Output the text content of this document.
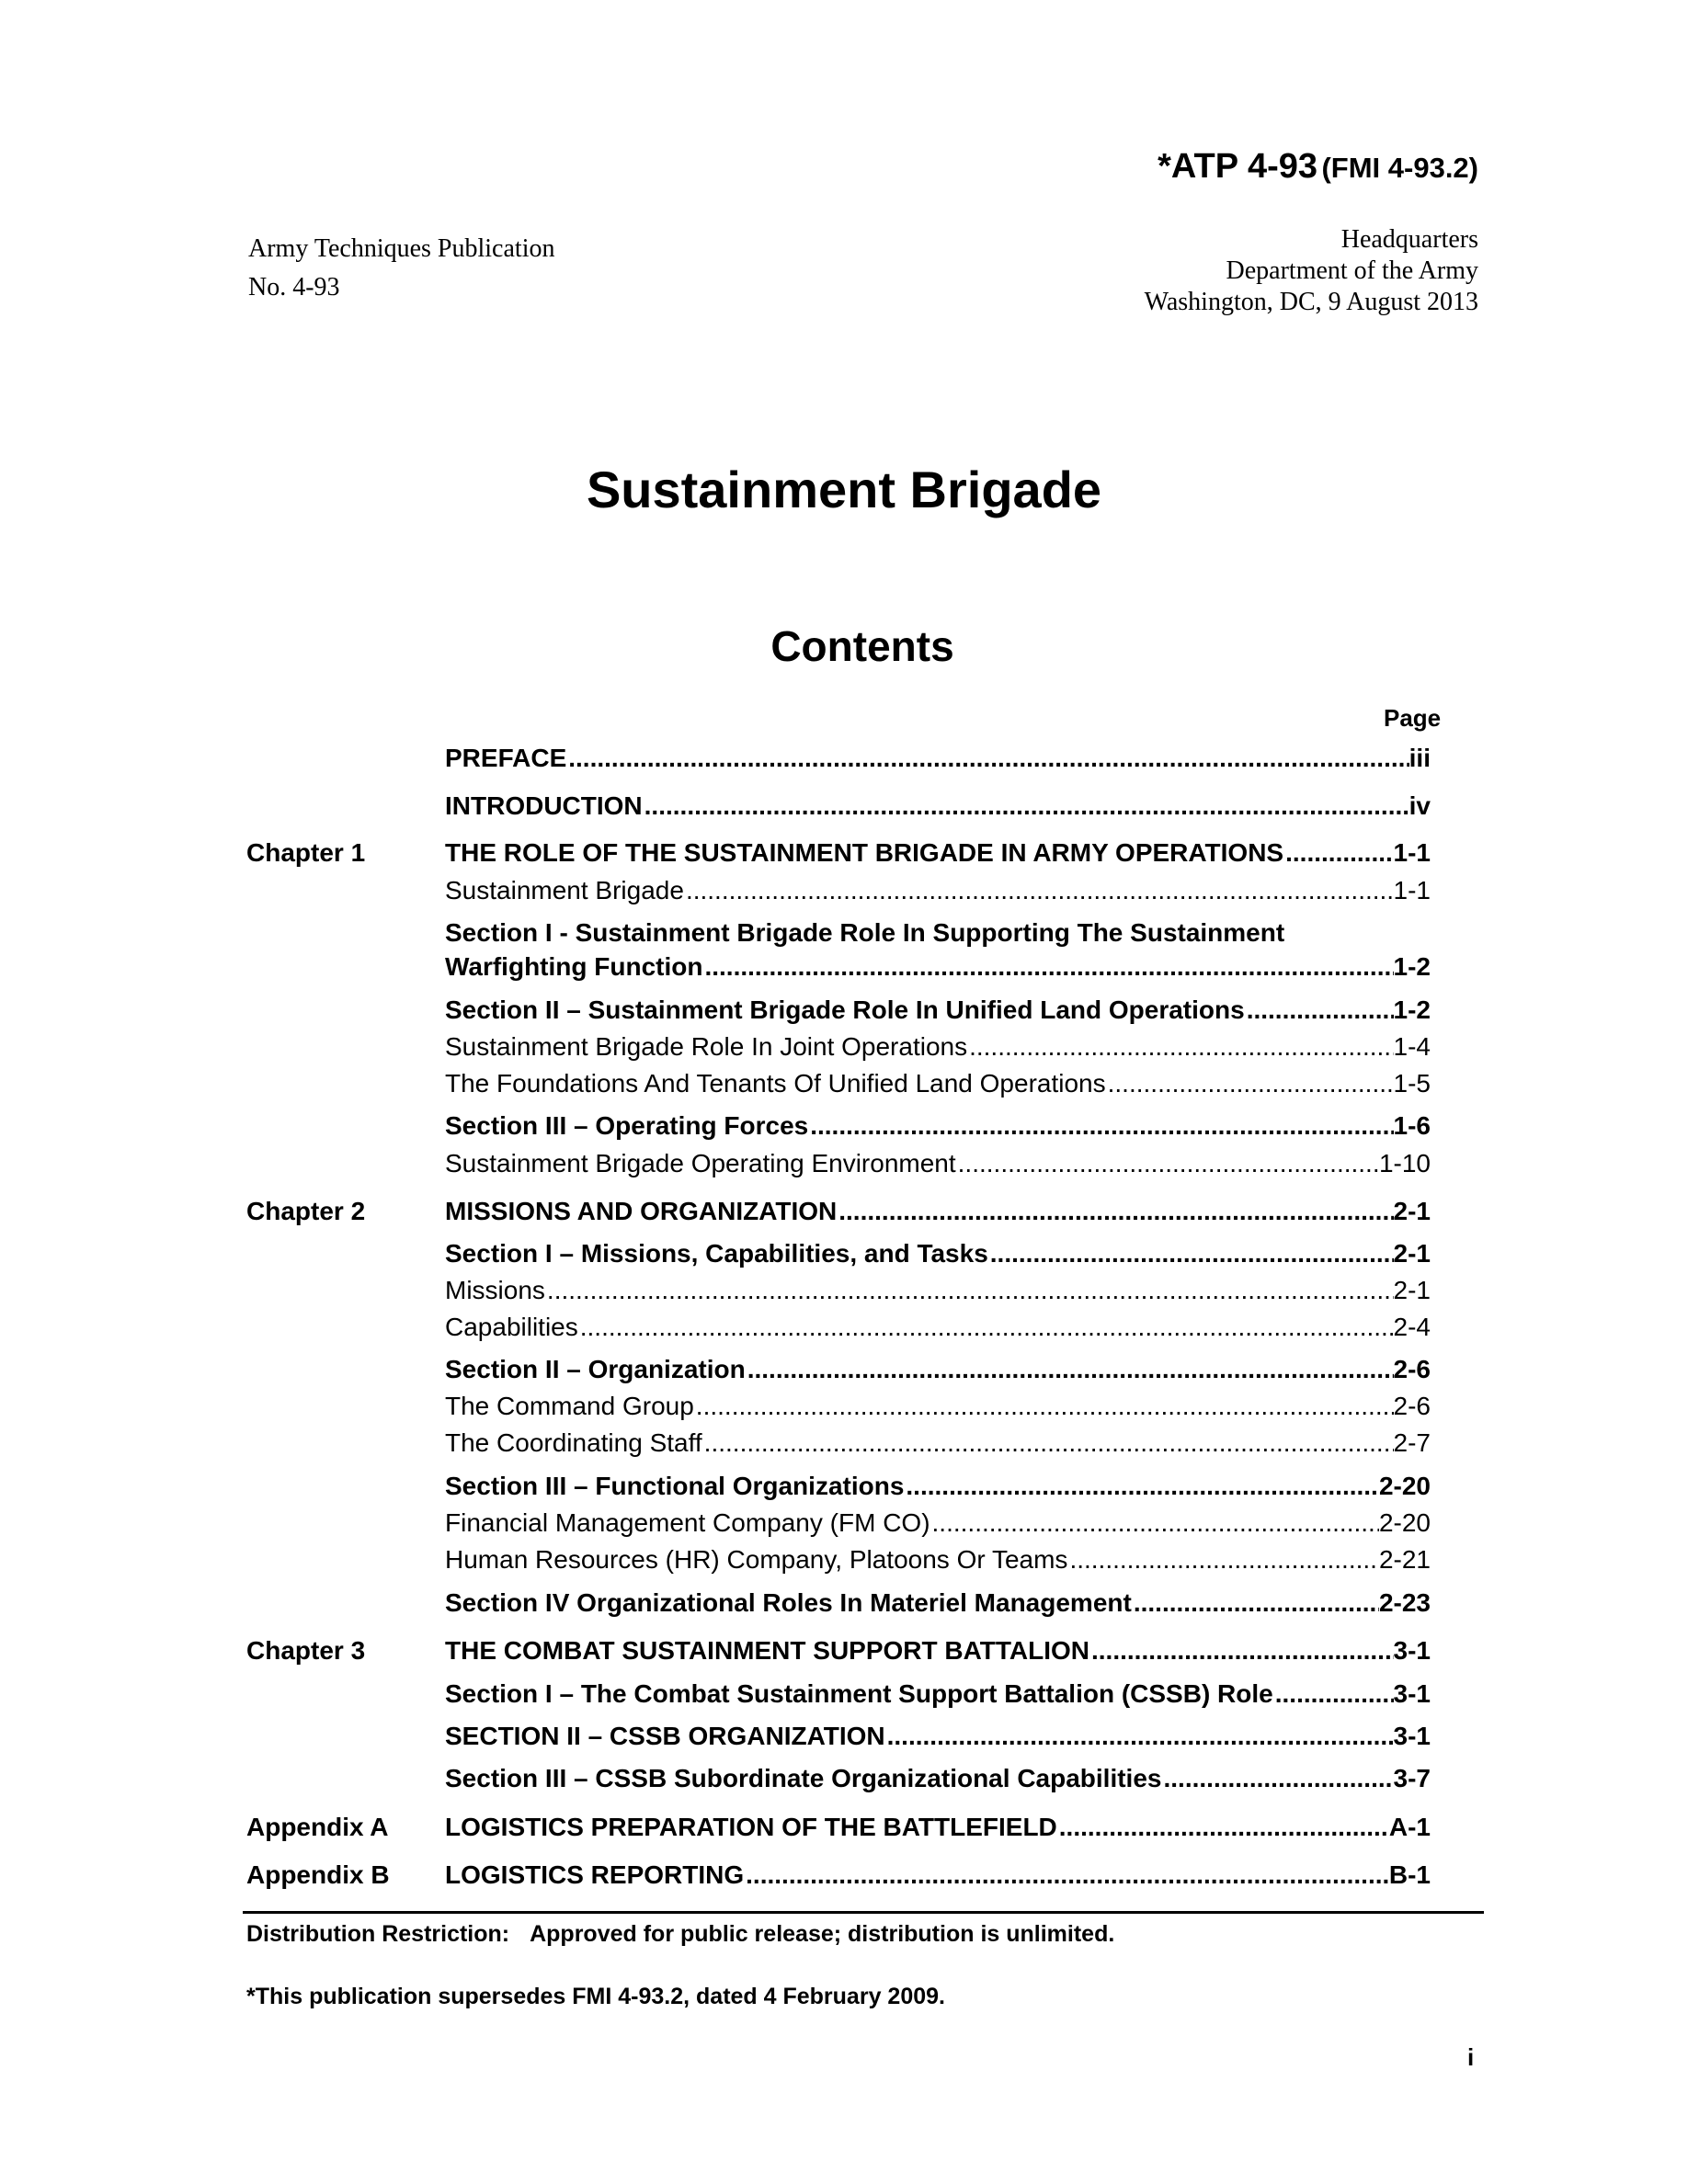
*ATP 4-93 (FMI 4-93.2)
Army Techniques Publication
No. 4-93
Headquarters
Department of the Army
Washington, DC, 9 August 2013
Sustainment Brigade
Contents
Page
PREFACE .....	iii
INTRODUCTION .....	iv
Chapter 1	THE ROLE OF THE SUSTAINMENT BRIGADE IN ARMY OPERATIONS .....	1-1
Sustainment Brigade .....	1-1
Section I - Sustainment Brigade Role In Supporting The Sustainment
Warfighting Function .....	1-2
Section II – Sustainment Brigade Role In Unified Land Operations .....	1-2
Sustainment Brigade Role In Joint Operations .....	1-4
The Foundations And Tenants Of Unified Land Operations .....	1-5
Section III – Operating Forces .....	1-6
Sustainment Brigade Operating Environment .....	1-10
Chapter 2	MISSIONS AND ORGANIZATION .....	2-1
Section I – Missions, Capabilities, and Tasks .....	2-1
Missions .....	2-1
Capabilities .....	2-4
Section II – Organization .....	2-6
The Command Group .....	2-6
The Coordinating Staff .....	2-7
Section III – Functional Organizations .....	2-20
Financial Management Company (FM CO) .....	2-20
Human Resources (HR) Company, Platoons Or Teams .....	2-21
Section IV Organizational Roles In Materiel Management .....	2-23
Chapter 3	THE COMBAT SUSTAINMENT SUPPORT BATTALION .....	3-1
Section I – The Combat Sustainment Support Battalion (CSSB) Role .....	3-1
SECTION II – CSSB ORGANIZATION .....	3-1
Section III – CSSB Subordinate Organizational Capabilities .....	3-7
Appendix A LOGISTICS PREPARATION OF THE BATTLEFIELD .....	A-1
Appendix B LOGISTICS REPORTING .....	B-1
Distribution Restriction: Approved for public release; distribution is unlimited.
*This publication supersedes FMI 4-93.2, dated 4 February 2009.
i
